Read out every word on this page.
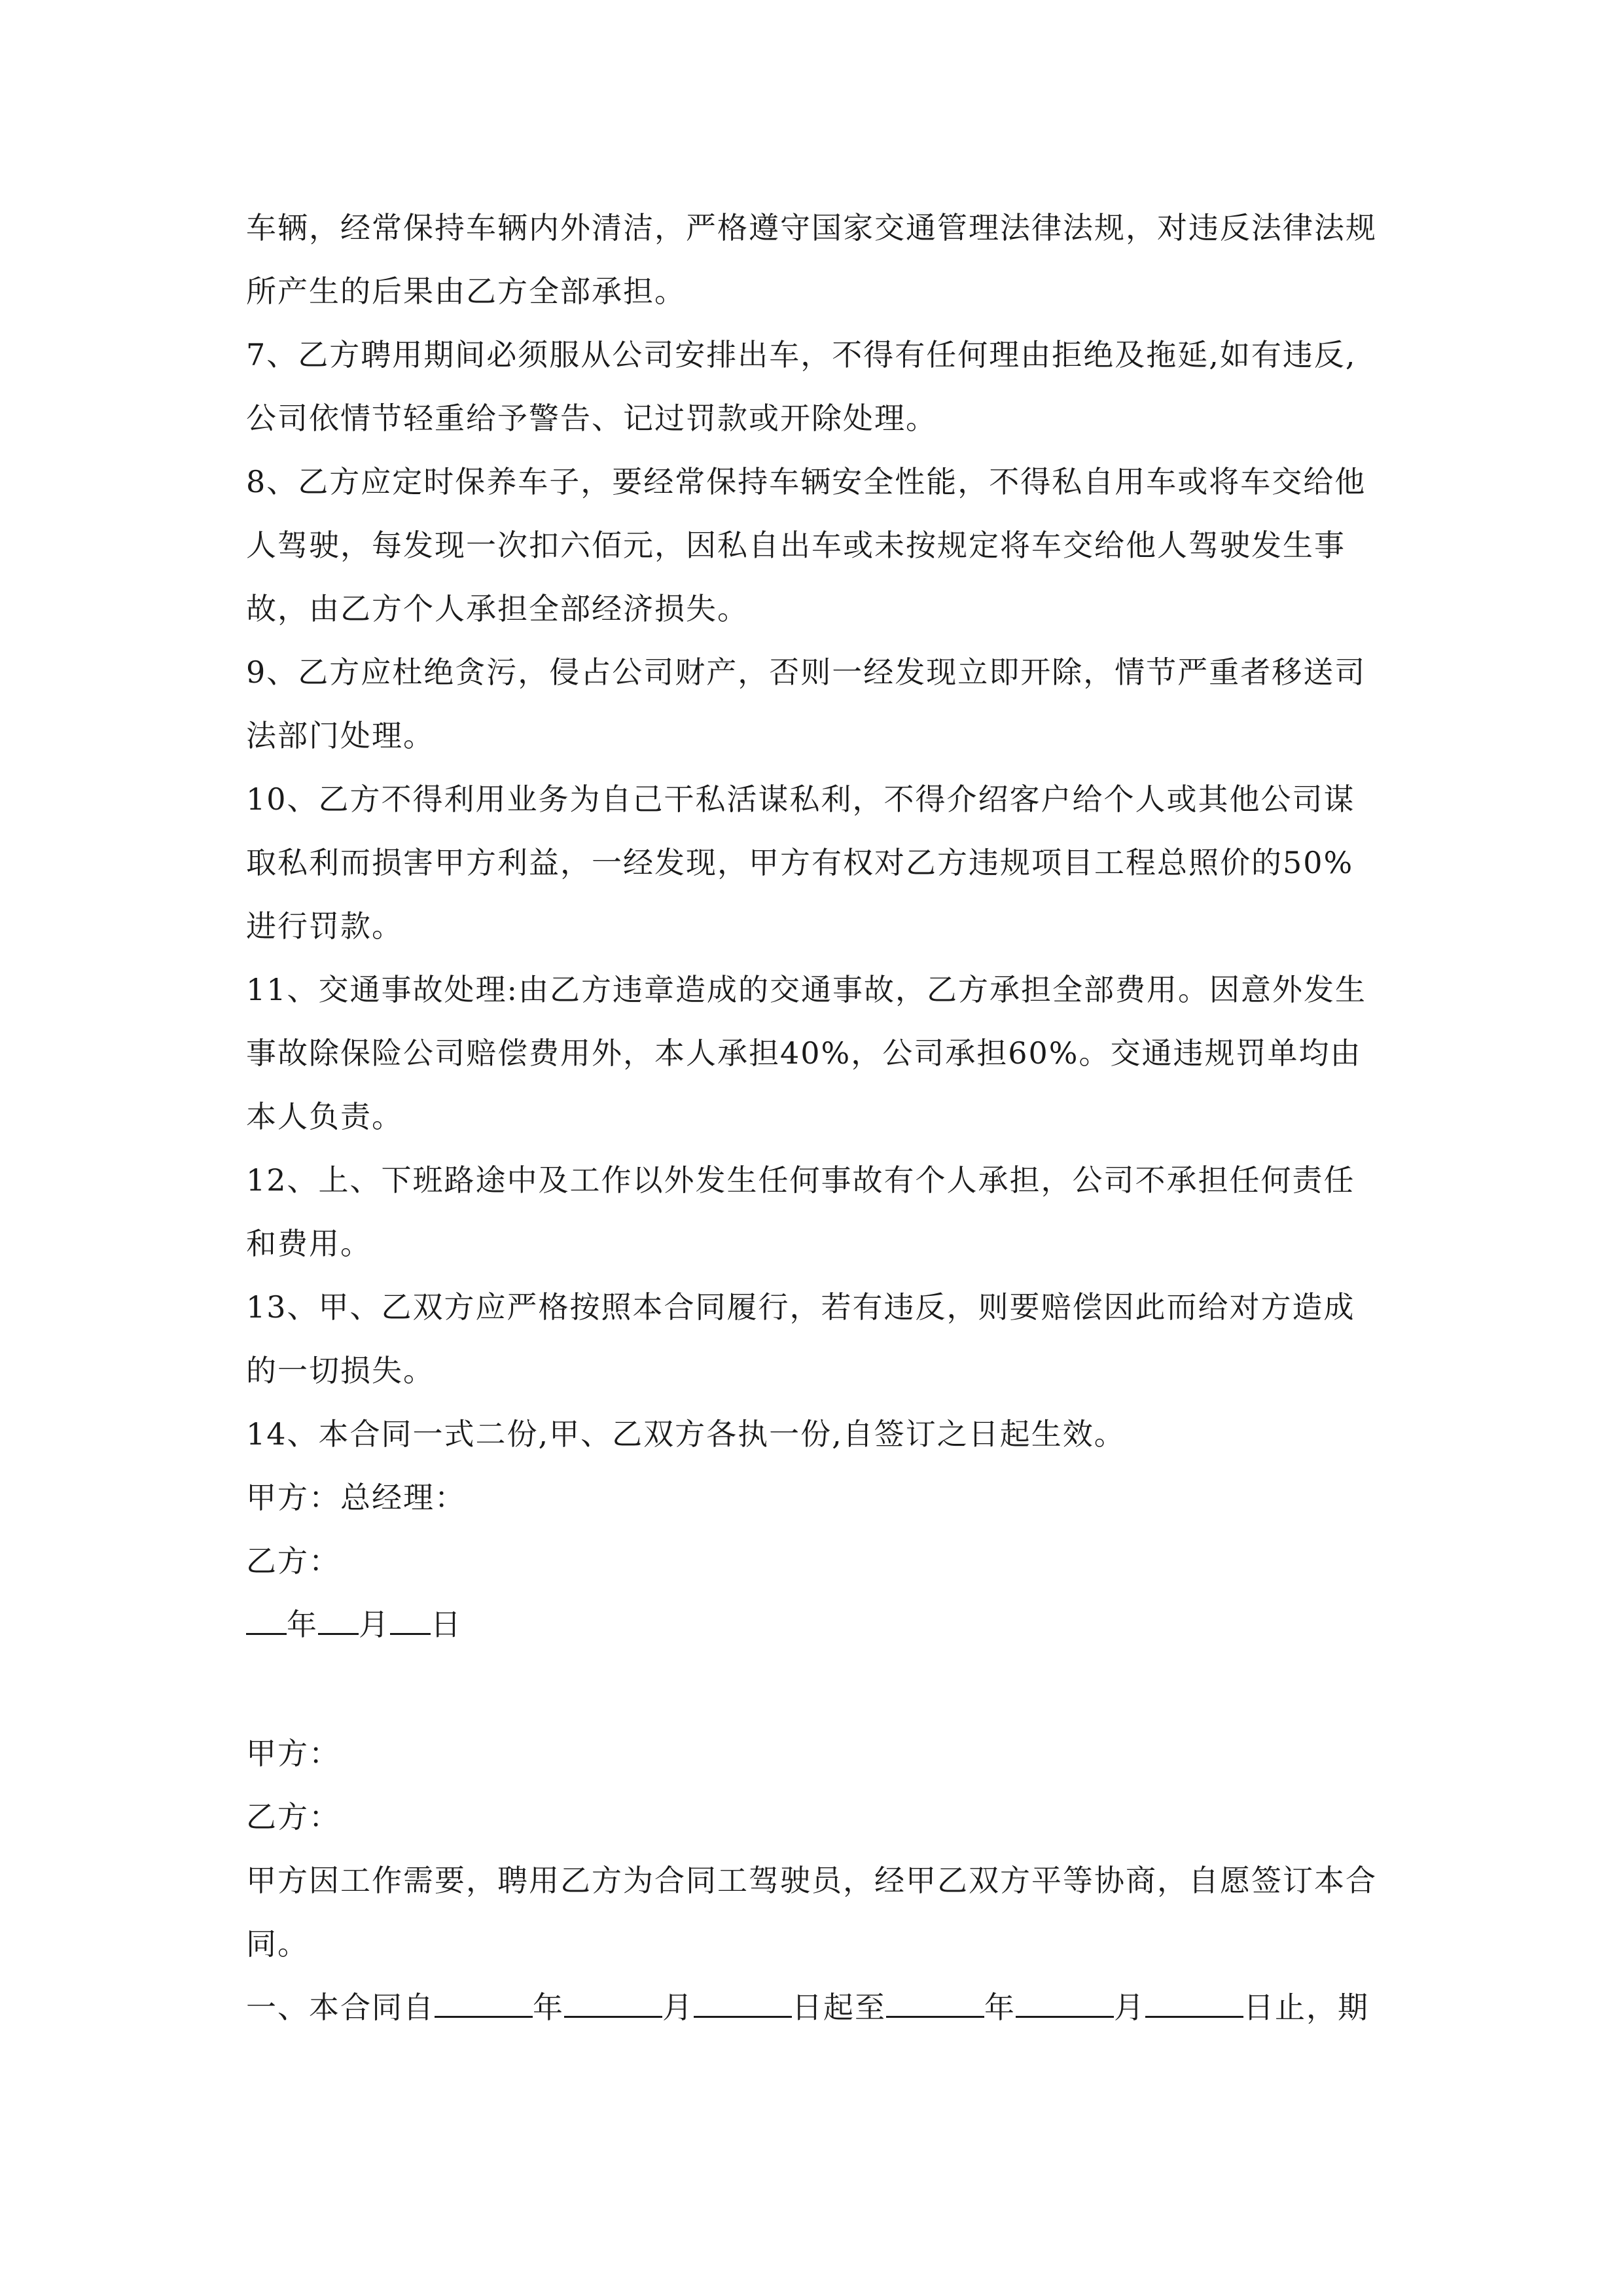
车辆，经常保持车辆内外清洁，严格遵守国家交通管理法律法规，对违反法律法规所产生的后果由乙方全部承担。

7、乙方聘用期间必须服从公司安排出车，不得有任何理由拒绝及拖延,如有违反,公司依情节轻重给予警告、记过罚款或开除处理。

8、乙方应定时保养车子，要经常保持车辆安全性能，不得私自用车或将车交给他人驾驶，每发现一次扣六佰元，因私自出车或未按规定将车交给他人驾驶发生事故，由乙方个人承担全部经济损失。

9、乙方应杜绝贪污，侵占公司财产，否则一经发现立即开除，情节严重者移送司法部门处理。

10、乙方不得利用业务为自己干私活谋私利，不得介绍客户给个人或其他公司谋取私利而损害甲方利益，一经发现，甲方有权对乙方违规项目工程总照价的50%进行罚款。

11、交通事故处理:由乙方违章造成的交通事故，乙方承担全部费用。因意外发生事故除保险公司赔偿费用外，本人承担40%，公司承担60%。交通违规罚单均由本人负责。

12、上、下班路途中及工作以外发生任何事故有个人承担，公司不承担任何责任和费用。

13、甲、乙双方应严格按照本合同履行，若有违反，则要赔偿因此而给对方造成的一切损失。

14、本合同一式二份,甲、乙双方各执一份,自签订之日起生效。

甲方：总经理：

乙方：

年 月 日

甲方：

乙方：

甲方因工作需要，聘用乙方为合同工驾驶员，经甲乙双方平等协商，自愿签订本合同。

一、本合同自	年	月	日起至	年	月	日止，期
